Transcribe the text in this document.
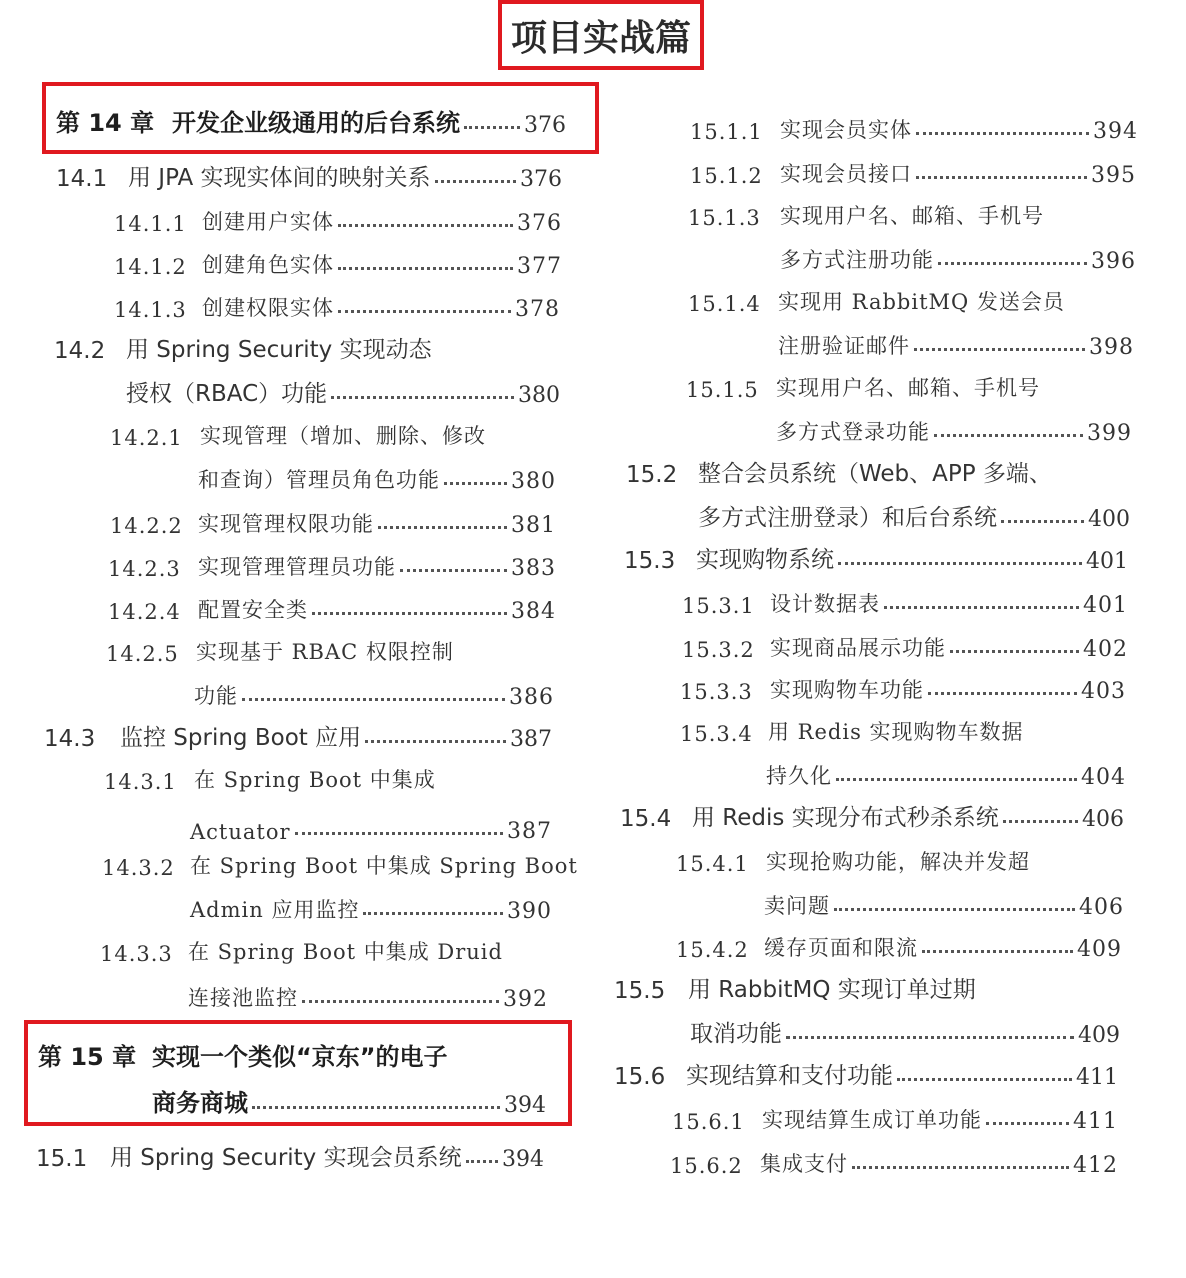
项目实战篇
第 14 章 开发企业级通用的后台系统	376
14.1 用 JPA 实现实体间的映射关系	376
14.1.1 创建用户实体	376
14.1.2 创建角色实体	377
14.1.3 创建权限实体	378
14.2 用 Spring Security 实现动态
授权（RBAC）功能	380
14.2.1 实现管理（增加、删除、修改
和查询）管理员角色功能	380
14.2.2 实现管理权限功能	381
14.2.3 实现管理管理员功能	383
14.2.4 配置安全类	384
14.2.5 实现基于 RBAC 权限控制
功能	386
14.3	监控 Spring Boot 应用	387
14.3.1 在 Spring Boot 中集成
Actuator	387
14.3.2 在 Spring Boot 中集成 Spring Boot
Admin 应用监控	390
14.3.3 在 Spring Boot 中集成 Druid
连接池监控	392
第 15 章 实现一个类似“京东”的电子
商务商城	394
15.1 用 Spring Security 实现会员系统 394
15.1.1 实现会员实体	394
15.1.2 实现会员接口	395
15.1.3 实现用户名、邮箱、手机号
多方式注册功能	396
15.1.4 实现用 RabbitMQ 发送会员
注册验证邮件	398
15.1.5 实现用户名、邮箱、手机号
多方式登录功能	399
15.2 整合会员系统（Web、APP 多端、
多方式注册登录）和后台系统	400
15.3 实现购物系统	401
15.3.1 设计数据表	401
15.3.2 实现商品展示功能	402
15.3.3 实现购物车功能	403
15.3.4 用 Redis 实现购物车数据
持久化	404
15.4 用 Redis 实现分布式秒杀系统	406
15.4.1 实现抢购功能，解决并发超
卖问题	406
15.4.2 缓存页面和限流	409
15.5 用 RabbitMQ 实现订单过期
取消功能	409
15.6 实现结算和支付功能	411
15.6.1 实现结算生成订单功能	411
15.6.2 集成支付	412
